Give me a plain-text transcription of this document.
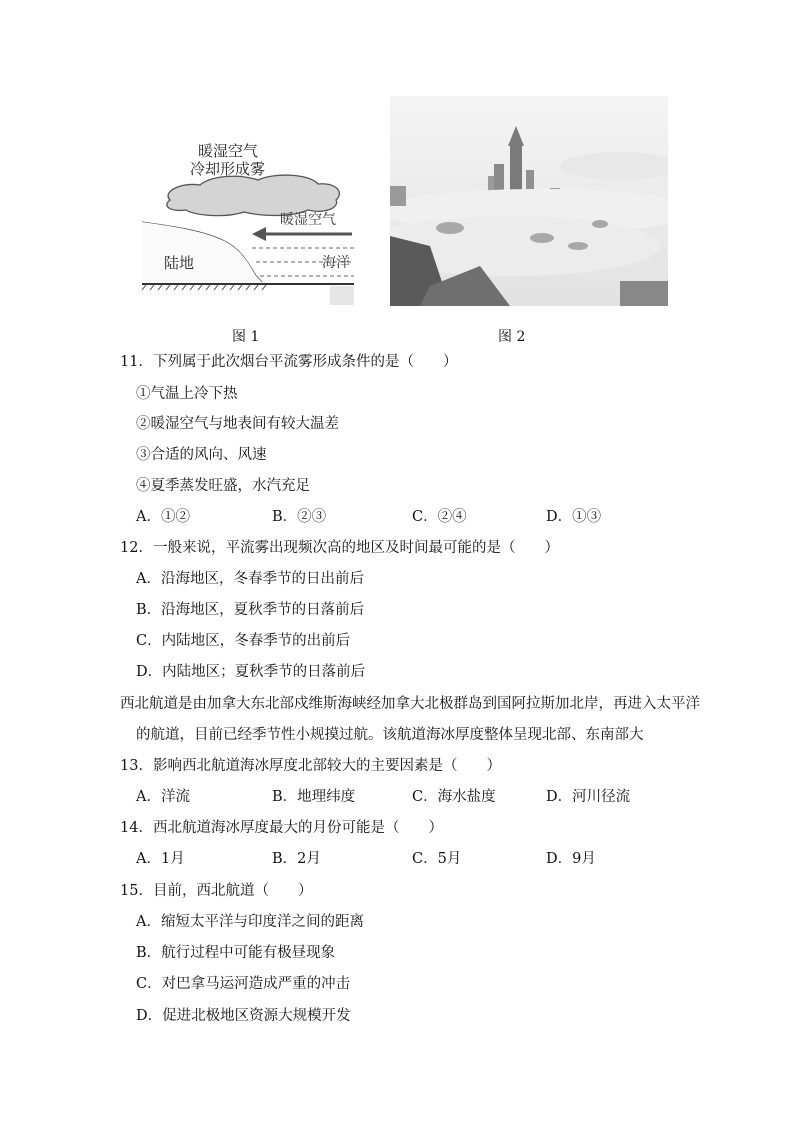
暖湿空气
冷却形成雾
暖湿空气
海洋
陆地
图 1	图 2
11．下列属于此次烟台平流雾形成条件的是（　　）
①气温上冷下热
②暖湿空气与地表间有较大温差
③合适的风向、风速
④夏季蒸发旺盛，水汽充足
A．①②	B．②③	C．②④	D．①③
12．一般来说，平流雾出现频次高的地区及时间最可能的是（　　）
A．沿海地区，冬春季节的日出前后
B．沿海地区，夏秋季节的日落前后
C．内陆地区，冬春季节的出前后
D．内陆地区；夏秋季节的日落前后
西北航道是由加拿大东北部戍维斯海峡经加拿大北极群岛到国阿拉斯加北岸，再进入太平洋
的航道，目前已经季节性小规摸过航。该航道海冰厚度整体呈现北部、东南部大
13．影响西北航道海冰厚度北部较大的主要因素是（　　）
A．洋流	B．地理纬度	C．海水盐度	D．河川径流
14．西北航道海冰厚度最大的月份可能是（　　）
A．1月	B．2月	C．5月	D．9月
15．目前，西北航道（　　）
A．缩短太平洋与印度洋之间的距离
B．航行过程中可能有极昼现象
C．对巴拿马运河造成严重的冲击
D．促进北极地区资源大规模开发
